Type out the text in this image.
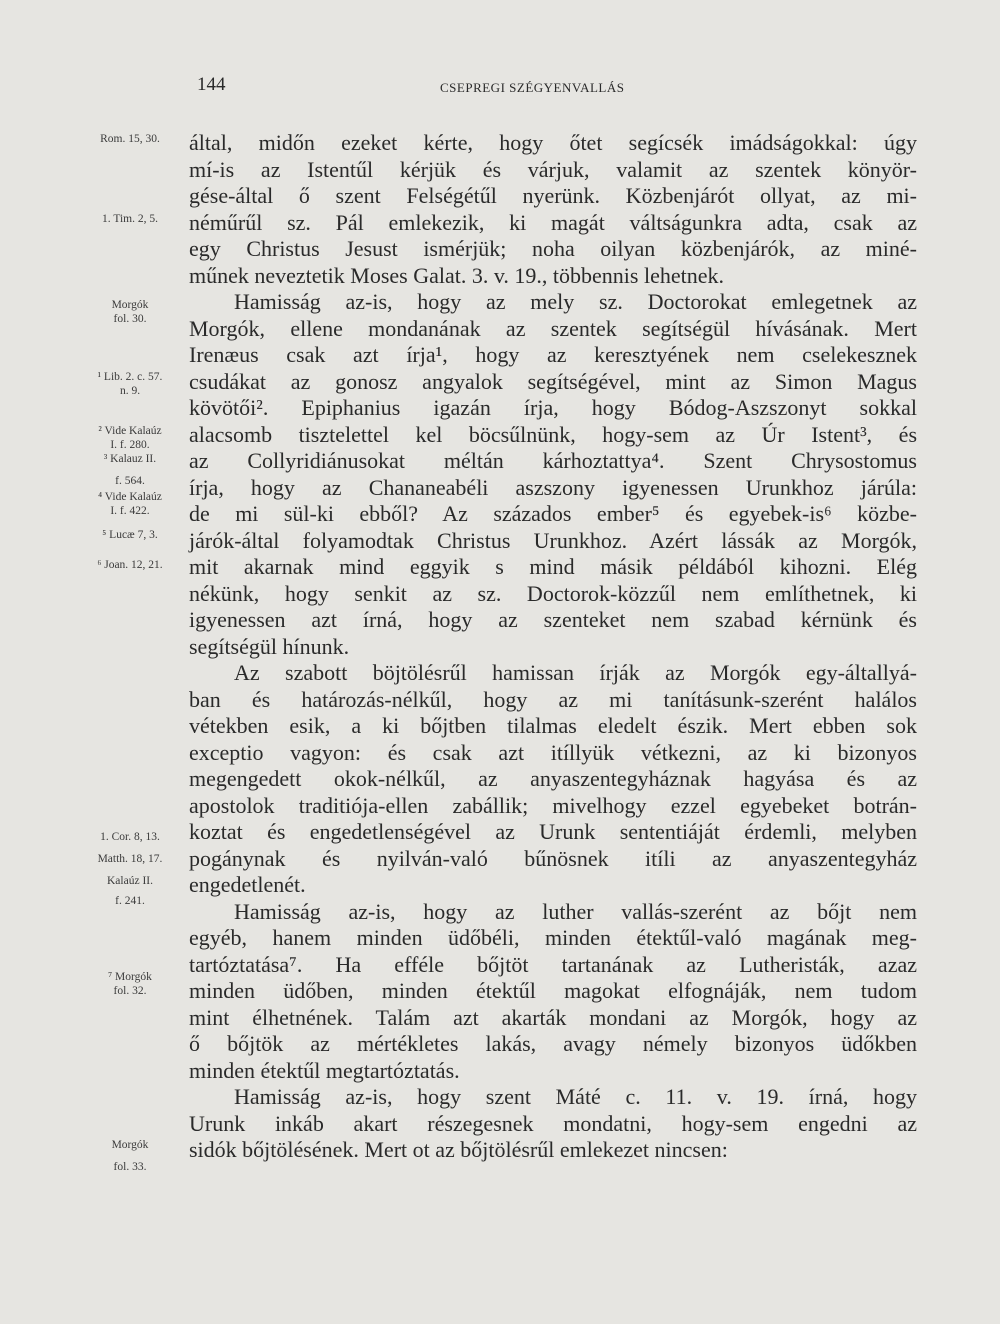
144	CSEPREGI SZÉGYENVALLÁS
Rom. 15, 30.
1. Tim. 2, 5.
Morgók
fol. 30.
¹ Lib. 2. c. 57.
n. 9.
² Vide Kalaúz
I. f. 280.
³ Kalauz II.
f. 564.
⁴ Vide Kalaúz
I. f. 422.
⁵ Lucæ 7, 3.
⁶ Joan. 12, 21.
1. Cor. 8, 13.
Matth. 18, 17.
Kalaúz II.
f. 241.
⁷ Morgók
fol. 32.
Morgók
fol. 33.
által, midőn ezeket kérte, hogy őtet segícsék imádságokkal: úgy
mí-is az Istentűl kérjük és várjuk, valamit az szentek könyör-
gése-által ő szent Felségétűl nyerünk. Közbenjárót ollyat, az mi-
néműrűl sz. Pál emlekezik, ki magát váltságunkra adta, csak az
egy Christus Jesust ismérjük; noha oilyan közbenjárók, az miné-
műnek neveztetik Moses Galat. 3. v. 19., többennis lehetnek.
Hamisság az-is, hogy az mely sz. Doctorokat emlegetnek az
Morgók, ellene mondanának az szentek segítségül hívásának. Mert
Irenæus csak azt írja¹, hogy az keresztyének nem cselekesznek
csudákat az gonosz angyalok segítségével, mint az Simon Magus
kövötői². Epiphanius igazán írja, hogy Bódog-Aszszonyt sokkal
alacsomb tisztelettel kel böcsűlnünk, hogy-sem az Úr Istent³, és
az Collyridiánusokat méltán kárhoztattya⁴. Szent Chrysostomus
írja, hogy az Chananeabéli aszszony igyenessen Urunkhoz járúla:
de mi sül-ki ebből? Az százados ember⁵ és egyebek-is⁶ közbe-
járók-által folyamodtak Christus Urunkhoz. Azért lássák az Morgók,
mit akarnak mind eggyik s mind másik példából kihozni. Elég
nékünk, hogy senkit az sz. Doctorok-közzűl nem említhetnek, ki
igyenessen azt írná, hogy az szenteket nem szabad kérnünk és
segítségül hínunk.
Az szabott böjtölésrűl hamissan írják az Morgók egy-általlyá-
ban és határozás-nélkűl, hogy az mi tanításunk-szerént halálos
vétekben esik, a ki bőjtben tilalmas eledelt észik. Mert ebben sok
exceptio vagyon: és csak azt itíllyük vétkezni, az ki bizonyos
megengedett okok-nélkűl, az anyaszentegyháznak hagyása és az
apostolok traditiója-ellen zabállik; mivelhogy ezzel egyebeket botrán-
koztat és engedetlenségével az Urunk sententiáját érdemli, melyben
pogánynak és nyilván-való bűnösnek itíli az anyaszentegyház
engedetlenét.
Hamisság az-is, hogy az luther vallás-szerént az bőjt nem
egyéb, hanem minden üdőbéli, minden étektűl-való magának meg-
tartóztatása⁷. Ha efféle bőjtöt tartanának az Lutheristák, azaz
minden üdőben, minden étektűl magokat elfognáják, nem tudom
mint élhetnének. Talám azt akarták mondani az Morgók, hogy az
ő bőjtök az mértékletes lakás, avagy némely bizonyos üdőkben
minden étektűl megtartóztatás.
Hamisság az-is, hogy szent Máté c. 11. v. 19. írná, hogy
Urunk inkáb akart részegesnek mondatni, hogy-sem engedni az
sidók bőjtölésének. Mert ot az bőjtölésrűl emlekezet nincsen:
